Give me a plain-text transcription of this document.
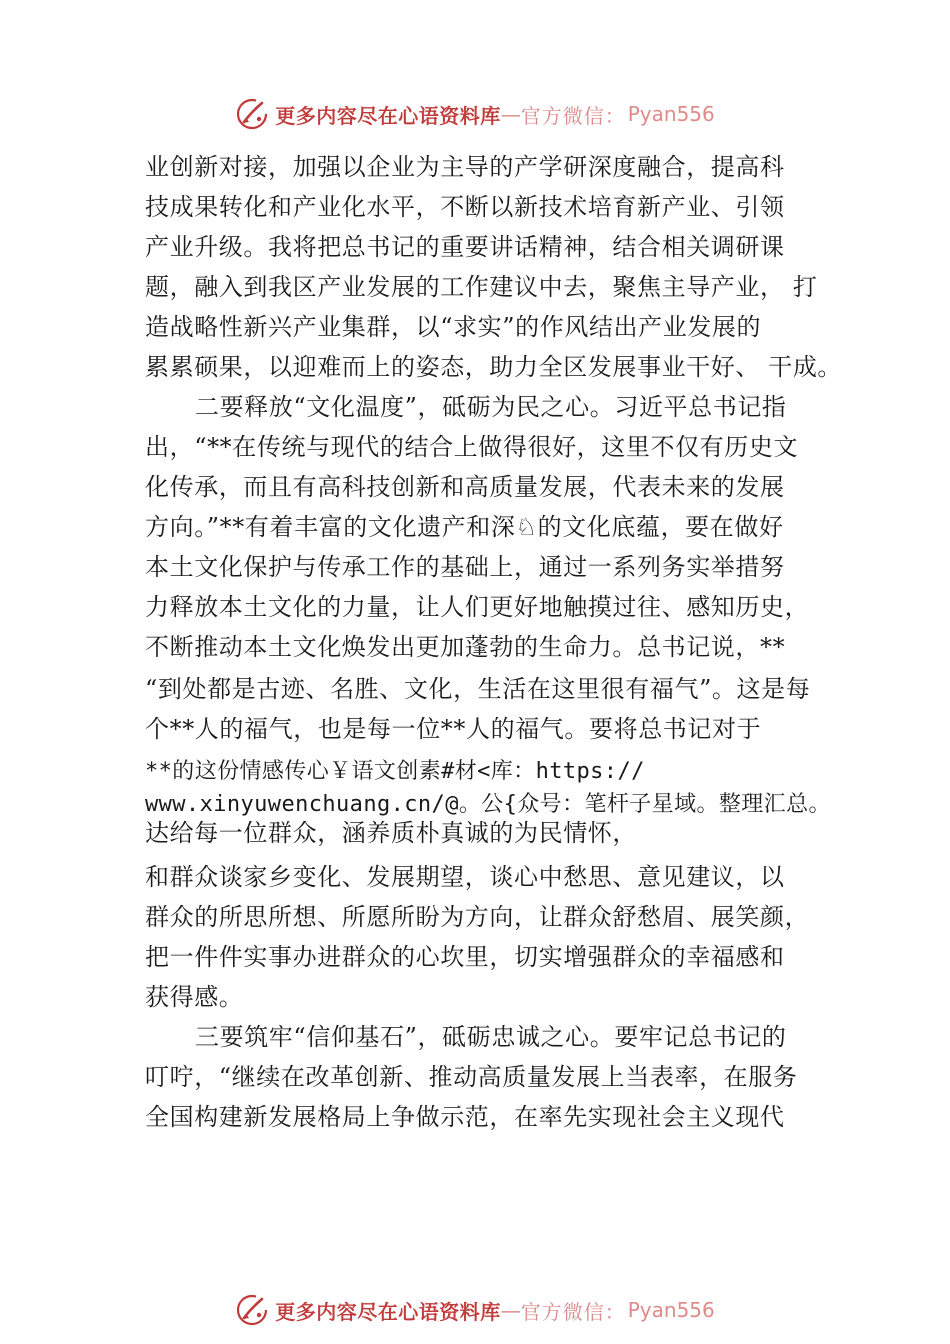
更多内容尽在心语资料库 — 官方微信： Pyan556
业创新对接，加强以企业为主导的产学研深度融合，提高科
技成果转化和产业化水平，不断以新技术培育新产业、引领
产业升级。我将把总书记的重要讲话精神，结合相关调研课
题，融入到我区产业发展的工作建议中去，聚焦主导产业， 打
造战略性新兴产业集群，以“求实”的作风结出产业发展的
累累硕果，以迎难而上的姿态，助力全区发展事业干好、 干成。
二要释放“文化温度”，砥砺为民之心。习近平总书记指
出，“**在传统与现代的结合上做得很好，这里不仅有历史文
化传承，而且有高科技创新和高质量发展，代表未来的发展
方向。”**有着丰富的文化遗产和深♘的文化底蕴，要在做好
本土文化保护与传承工作的基础上，通过一系列务实举措努
力释放本土文化的力量，让人们更好地触摸过往、感知历史，
不断推动本土文化焕发出更加蓬勃的生命力。总书记说，**
“到处都是古迹、名胜、文化，生活在这里很有福气”。这是每
个**人的福气，也是每一位**人的福气。要将总书记对于
**的这份情感传心￥语文创素#材<库：https://
www.xinyuwenchuang.cn/@。公{众号：笔杆子星域。整理汇总。
达给每一位群众，涵养质朴真诚的为民情怀，
和群众谈家乡变化、发展期望，谈心中愁思、意见建议，以
群众的所思所想、所愿所盼为方向，让群众舒愁眉、展笑颜，
把一件件实事办进群众的心坎里，切实增强群众的幸福感和
获得感。
三要筑牢“信仰基石”，砥砺忠诚之心。要牢记总书记的
叮咛，“继续在改革创新、推动高质量发展上当表率，在服务
全国构建新发展格局上争做示范，在率先实现社会主义现代
更多内容尽在心语资料库 — 官方微信： Pyan556
